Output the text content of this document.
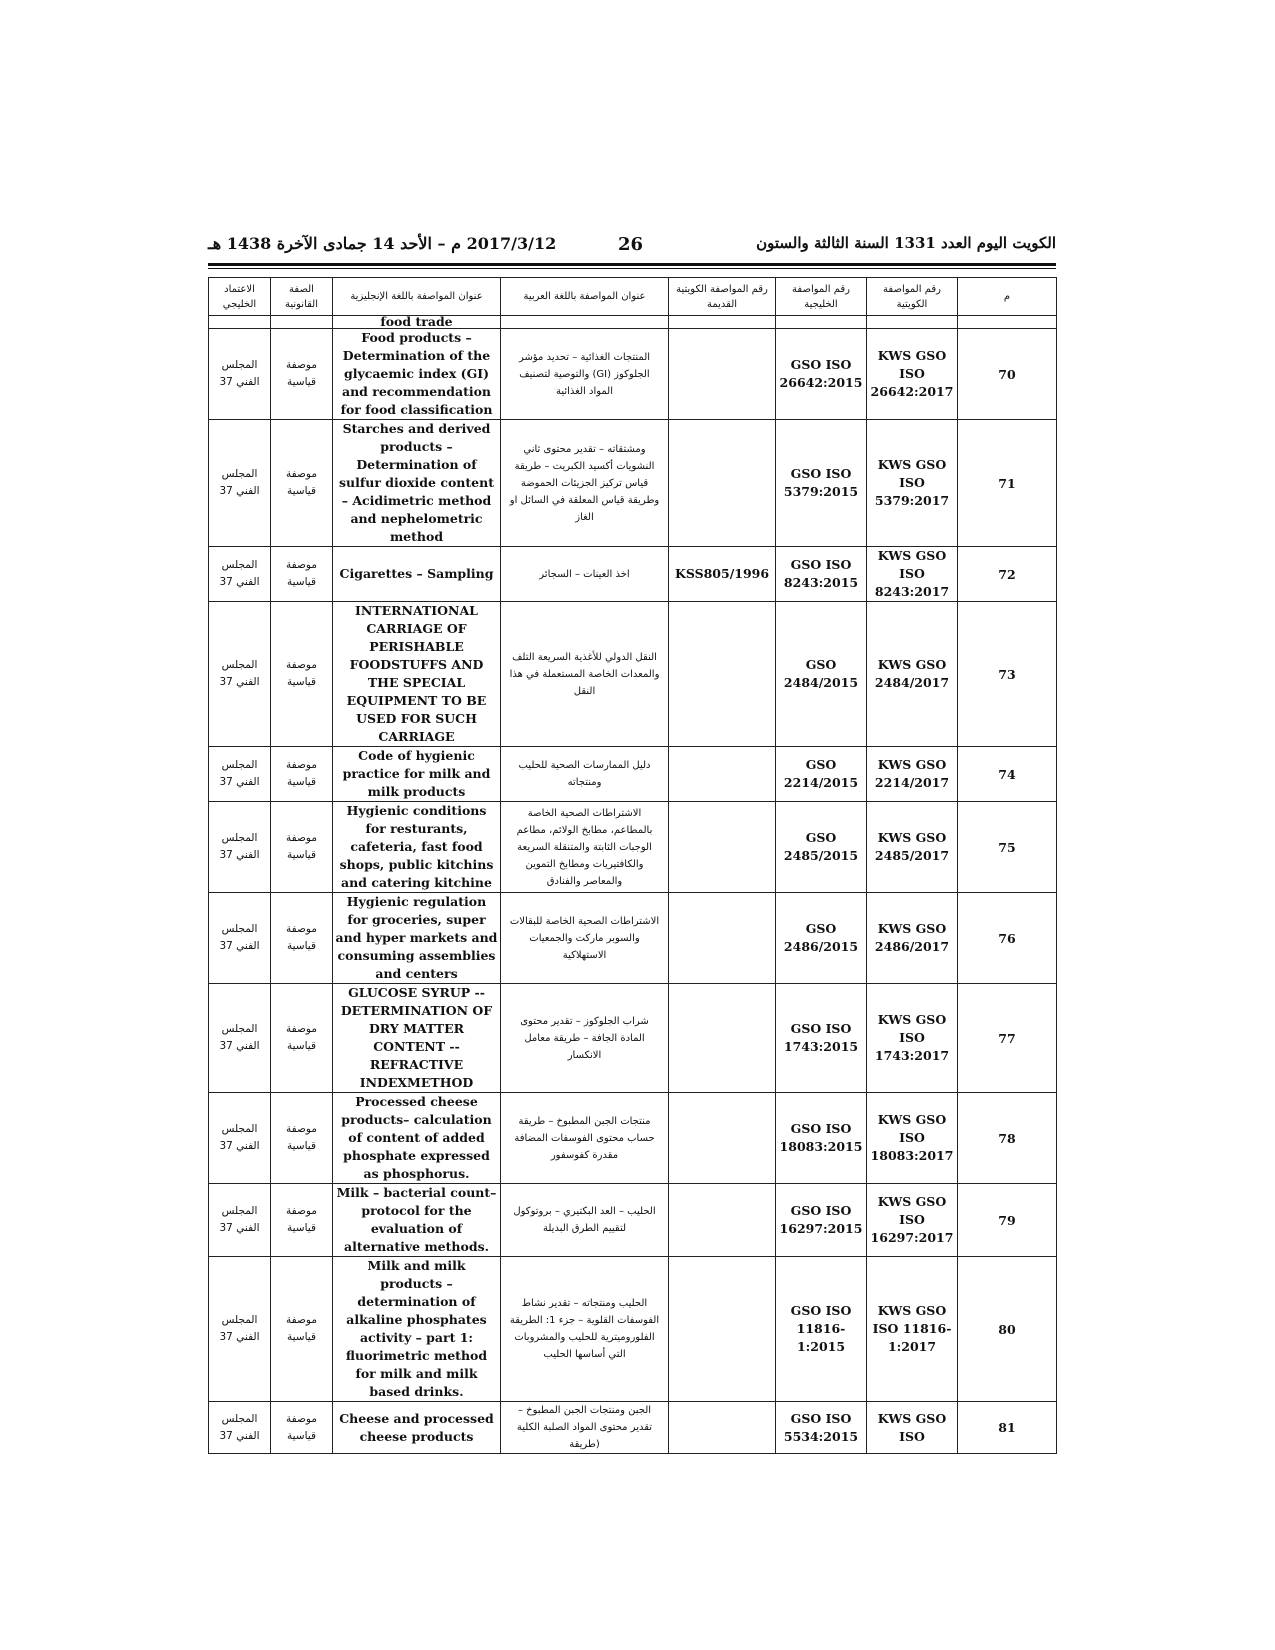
2017/3/12 م – الأحد 14 جمادى الآخرة 1438 هـ	26	الكويت اليوم العدد 1331 السنة الثالثة والستون
الاعتماد الخليجي	الصفة القانونية	عنوان المواصفة باللغة الإنجليزية	عنوان المواصفة باللغة العربية	رقم المواصفة الكويتية القديمة	رقم المواصفة الخليجية	رقم المواصفة الكويتية	م
		food trade					
المجلس الفني 37	موصفة قياسية	Food products – Determination of the glycaemic index (GI) and recommendation for food classification	المنتجات الغذائية – تحديد مؤشر الجلوكوز (GI) والتوصية لتصنيف المواد الغذائية		GSO ISO 26642:2015	KWS GSO ISO 26642:2017	70
المجلس الفني 37	موصفة قياسية	Starches and derived products – Determination of sulfur dioxide content – Acidimetric method and nephelometric method	ومشتقاته – تقدير محتوى ثاني النشويات أكسيد الكبريت – طريقة قياس تركيز الجزيئات الحموضة وطريقة قياس المعلقة في السائل او الغاز		GSO ISO 5379:2015	KWS GSO ISO 5379:2017	71
المجلس الفني 37	موصفة قياسية	Cigarettes – Sampling	اخذ العينات – السجائر	KSS805/1996	GSO ISO 8243:2015	KWS GSO ISO 8243:2017	72
المجلس الفني 37	موصفة قياسية	INTERNATIONAL CARRIAGE OF PERISHABLE FOODSTUFFS AND THE SPECIAL EQUIPMENT TO BE USED FOR SUCH CARRIAGE	النقل الدولي للأغذية السريعة التلف والمعدات الخاصة المستعملة في هذا النقل		GSO 2484/2015	KWS GSO 2484/2017	73
المجلس الفني 37	موصفة قياسية	Code of hygienic practice for milk and milk products	دليل الممارسات الصحية للحليب ومنتجاته		GSO 2214/2015	KWS GSO 2214/2017	74
المجلس الفني 37	موصفة قياسية	Hygienic conditions for resturants, cafeteria, fast food shops, public kitchins and catering kitchine	الاشتراطات الصحية الخاصة بالمطاعم، مطابخ الولائم، مطاعم الوجبات الثابتة والمتنقلة السريعة والكافتيريات ومطابخ التموين والمعاصر والفنادق		GSO 2485/2015	KWS GSO 2485/2017	75
المجلس الفني 37	موصفة قياسية	Hygienic regulation for groceries, super and hyper markets and consuming assemblies and centers	الاشتراطات الصحية الخاصة للبقالات والسوبر ماركت والجمعيات الاستهلاكية		GSO 2486/2015	KWS GSO 2486/2017	76
المجلس الفني 37	موصفة قياسية	GLUCOSE SYRUP -- DETERMINATION OF DRY MATTER CONTENT -- REFRACTIVE INDEXMETHOD	شراب الجلوكوز – تقدير محتوى المادة الجافة – طريقة معامل الانكسار		GSO ISO 1743:2015	KWS GSO ISO 1743:2017	77
المجلس الفني 37	موصفة قياسية	Processed cheese products– calculation of content of added phosphate expressed as phosphorus.	منتجات الجبن المطبوخ – طريقة حساب محتوى الفوسفات المضافة مقدرة كفوسفور		GSO ISO 18083:2015	KWS GSO ISO 18083:2017	78
المجلس الفني 37	موصفة قياسية	Milk – bacterial count– protocol for the evaluation of alternative methods.	الحليب – العد البكتيري – بروتوكول لتقييم الطرق البديلة		GSO ISO 16297:2015	KWS GSO ISO 16297:2017	79
المجلس الفني 37	موصفة قياسية	Milk and milk products – determination of alkaline phosphates activity – part 1: fluorimetric method for milk and milk based drinks.	الحليب ومنتجاته – تقدير نشاط الفوسفات القلوية – جزء 1: الطريقة الفلوروميترية للحليب والمشروبات التي أساسها الحليب		GSO ISO 11816-1:2015	KWS GSO ISO 11816-1:2017	80
المجلس الفني 37	موصفة قياسية	Cheese and processed cheese products	الجبن ومنتجات الجبن المطبوخ – تقدير محتوى المواد الصلبة الكلية (طريقة		GSO ISO 5534:2015	KWS GSO ISO	81
